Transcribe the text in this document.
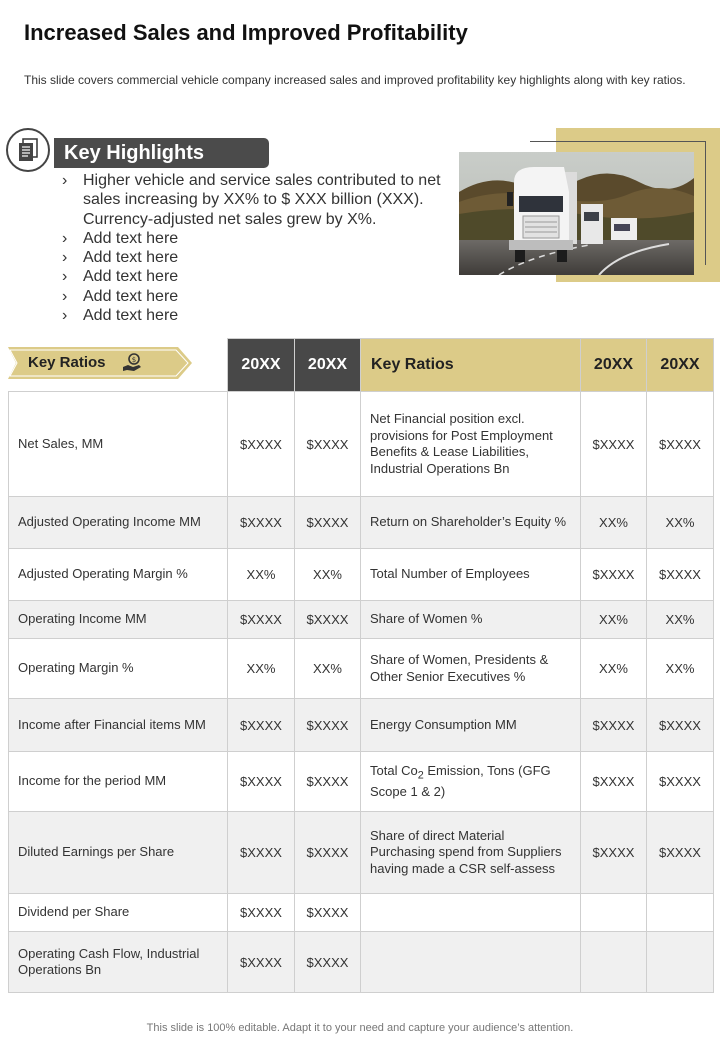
Increased Sales and Improved Profitability
This slide covers commercial vehicle company increased sales and improved profitability key highlights along with key ratios.
Key Highlights
› Higher vehicle and service sales contributed to net sales increasing by XX% to $ XXX billion (XXX). Currency-adjusted net sales grew by X%.
› Add text here
› Add text here
› Add text here
› Add text here
› Add text here
	20XX	20XX	Key Ratios	20XX	20XX
Net Sales, MM	$XXXX	$XXXX	Net Financial position excl. provisions for Post Employment Benefits & Lease Liabilities, Industrial Operations Bn	$XXXX	$XXXX
Adjusted Operating Income MM	$XXXX	$XXXX	Return on Shareholder’s Equity %	XX%	XX%
Adjusted Operating Margin %	XX%	XX%	Total Number of Employees	$XXXX	$XXXX
Operating Income MM	$XXXX	$XXXX	Share of Women %	XX%	XX%
Operating Margin %	XX%	XX%	Share of Women, Presidents & Other Senior Executives %	XX%	XX%
Income after Financial items MM	$XXXX	$XXXX	Energy Consumption MM	$XXXX	$XXXX
Income for the period MM	$XXXX	$XXXX	Total $Co_2$ Emission, Tons (GFG Scope 1 & 2)	$XXXX	$XXXX
Diluted Earnings per Share	$XXXX	$XXXX	Share of direct Material Purchasing spend from Suppliers having made a CSR self-assess	$XXXX	$XXXX
Dividend per Share	$XXXX	$XXXX			
Operating Cash Flow, Industrial Operations Bn	$XXXX	$XXXX			
Key Ratios	$
This slide is 100% editable. Adapt it to your need and capture your audience’s attention.
